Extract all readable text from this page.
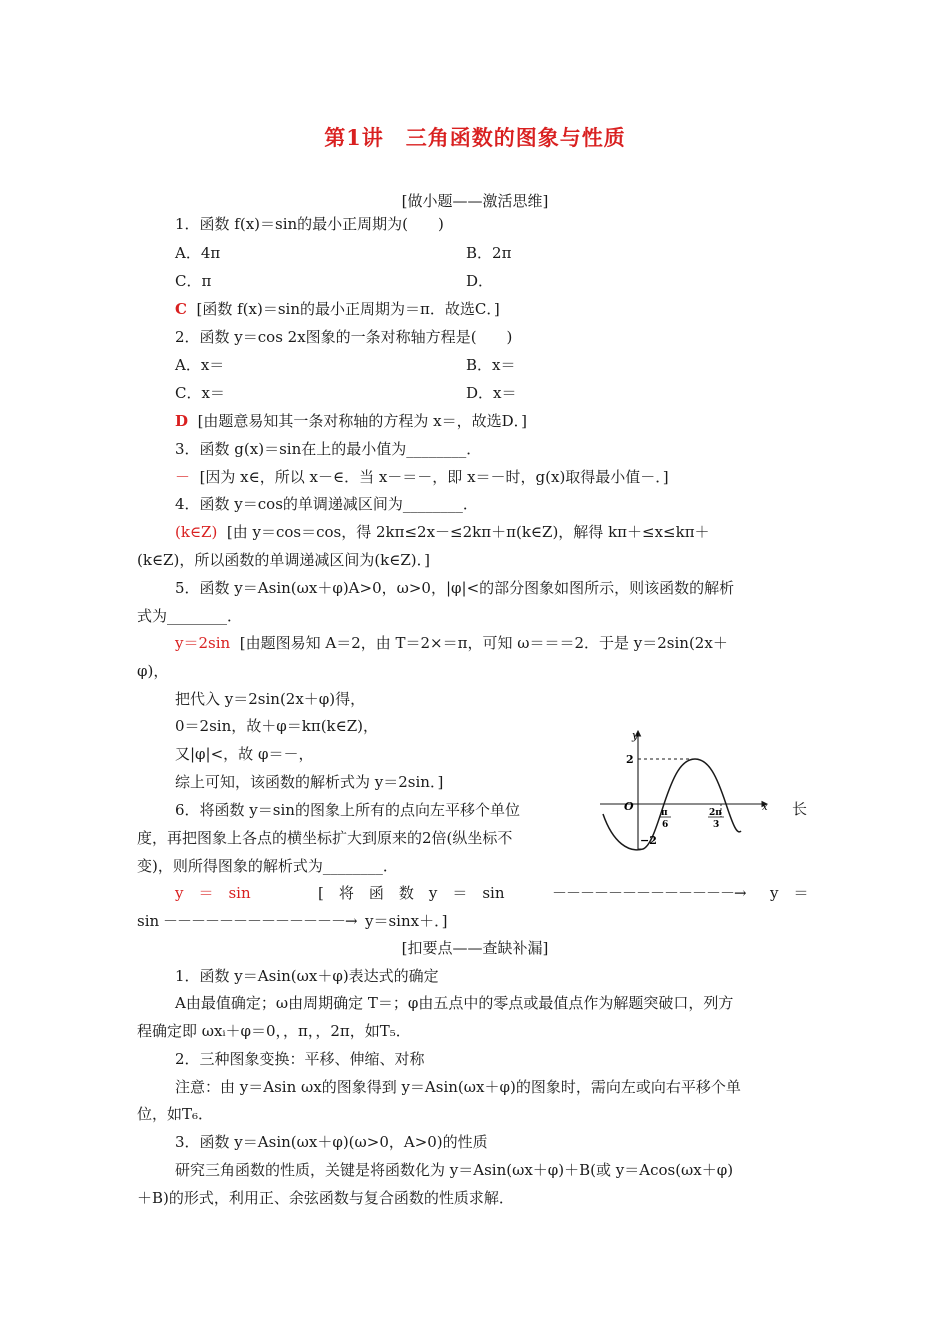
第1讲　三角函数的图象与性质
[做小题——激活思维]
1．函数 f(x)＝sin的最小正周期为(　　)
A．4π	B．2π
C．π	D．
C [函数 f(x)＝sin的最小正周期为＝π．故选C．]
2．函数 y＝cos 2x图象的一条对称轴方程是(　　)
A．x＝	B．x＝
C．x＝	D．x＝
D [由题意易知其一条对称轴的方程为 x＝，故选D．]
3．函数 g(x)＝sin在上的最小值为________．
－ [因为 x∈，所以 x－∈．当 x－＝－，即 x＝－时，g(x)取得最小值－．]
4．函数 y＝cos的单调递减区间为________．
(k∈Z) [由 y＝cos＝cos，得 2kπ≤2x－≤2kπ＋π(k∈Z)，解得 kπ＋≤x≤kπ＋
(k∈Z)，所以函数的单调递减区间为(k∈Z)．]
5．函数 y＝Asin(ωx＋φ)A>0，ω>0，|φ|<的部分图象如图所示，则该函数的解析
式为________．
y＝2sin [由题图易知 A＝2，由 T＝2×＝π，可知 ω＝＝＝2．于是 y＝2sin(2x＋
φ)，
把代入 y＝2sin(2x＋φ)得，
0＝2sin，故＋φ＝kπ(k∈Z)，
又|φ|<，故 φ＝－，
综上可知，该函数的解析式为 y＝2sin．]
y
x
O
2
−2
π
6
2π
3
6．将函数 y＝sin的图象上所有的点向左平移个单位	长
度，再把图象上各点的横坐标扩大到原来的2倍(纵坐标不
变)，则所得图象的解析式为________．
y　＝　sin	[　将　函　数　y　＝　sin	－－－－－－－－－－－－－→ y　＝
sin －－－－－－－－－－－－－→ y＝sinx＋．]
[扣要点——查缺补漏]
1．函数 y＝Asin(ωx＋φ)表达式的确定
A由最值确定；ω由周期确定 T＝；φ由五点中的零点或最值点作为解题突破口，列方
程确定即 ωxᵢ＋φ＝0，，π，，2π，如T₅．
2．三种图象变换：平移、伸缩、对称
注意：由 y＝Asin ωx的图象得到 y＝Asin(ωx＋φ)的图象时，需向左或向右平移个单
位，如T₆．
3．函数 y＝Asin(ωx＋φ)(ω>0，A>0)的性质
研究三角函数的性质，关键是将函数化为 y＝Asin(ωx＋φ)＋B(或 y＝Acos(ωx＋φ)
＋B)的形式，利用正、余弦函数与复合函数的性质求解．
